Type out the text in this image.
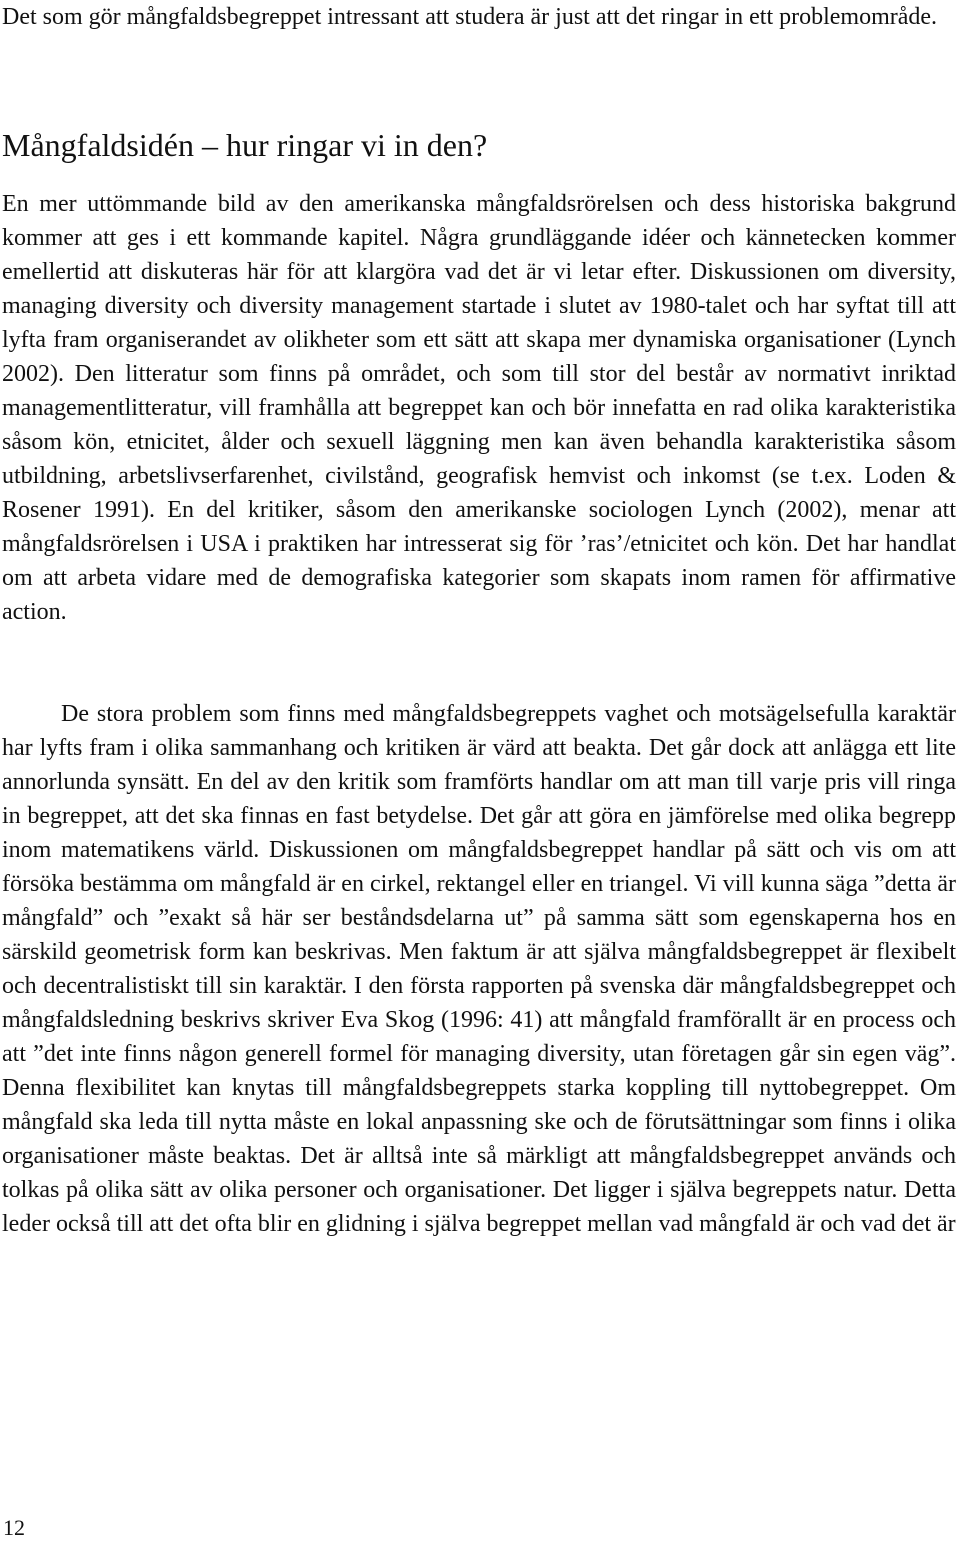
Det som gör mångfaldsbegreppet intressant att studera är just att det ringar in ett problemområde.

Mångfaldsidén – hur ringar vi in den?

En mer uttömmande bild av den amerikanska mångfaldsrörelsen och dess historiska bakgrund kommer att ges i ett kommande kapitel. Några grundläggande idéer och kännetecken kommer emellertid att diskuteras här för att klargöra vad det är vi letar efter. Diskussionen om diversity, managing diversity och diversity management startade i slutet av 1980-talet och har syftat till att lyfta fram organiserandet av olikheter som ett sätt att skapa mer dynamiska organisationer (Lynch 2002). Den litteratur som finns på området, och som till stor del består av normativt inriktad managementlitteratur, vill framhålla att begreppet kan och bör innefatta en rad olika karakteristika såsom kön, etnicitet, ålder och sexuell läggning men kan även behandla karakteristika såsom utbildning, arbetslivserfarenhet, civilstånd, geografisk hemvist och inkomst (se t.ex. Loden & Rosener 1991). En del kritiker, såsom den amerikanske sociologen Lynch (2002), menar att mångfaldsrörelsen i USA i praktiken har intresserat sig för ’ras’/etnicitet och kön. Det har handlat om att arbeta vidare med de demografiska kategorier som skapats inom ramen för affirmative action.

De stora problem som finns med mångfaldsbegreppets vaghet och motsägelsefulla karaktär har lyfts fram i olika sammanhang och kritiken är värd att beakta. Det går dock att anlägga ett lite annorlunda synsätt. En del av den kritik som framförts handlar om att man till varje pris vill ringa in begreppet, att det ska finnas en fast betydelse. Det går att göra en jämförelse med olika begrepp inom matematikens värld. Diskussionen om mångfaldsbegreppet handlar på sätt och vis om att försöka bestämma om mångfald är en cirkel, rektangel eller en triangel. Vi vill kunna säga ”detta är mångfald” och ”exakt så här ser beståndsdelarna ut” på samma sätt som egenskaperna hos en särskild geometrisk form kan beskrivas. Men faktum är att själva mångfaldsbegreppet är flexibelt och decentralistiskt till sin karaktär. I den första rapporten på svenska där mångfaldsbegreppet och mångfaldsledning beskrivs skriver Eva Skog (1996: 41) att mångfald framförallt är en process och att ”det inte finns någon generell formel för managing diversity, utan företagen går sin egen väg”. Denna flexibilitet kan knytas till mångfaldsbegreppets starka koppling till nyttobegreppet. Om mångfald ska leda till nytta måste en lokal anpassning ske och de förutsättningar som finns i olika organisationer måste beaktas. Det är alltså inte så märkligt att mångfaldsbegreppet används och tolkas på olika sätt av olika personer och organisationer. Det ligger i själva begreppets natur. Detta leder också till att det ofta blir en glidning i själva begreppet mellan vad mångfald är och vad det är

12
